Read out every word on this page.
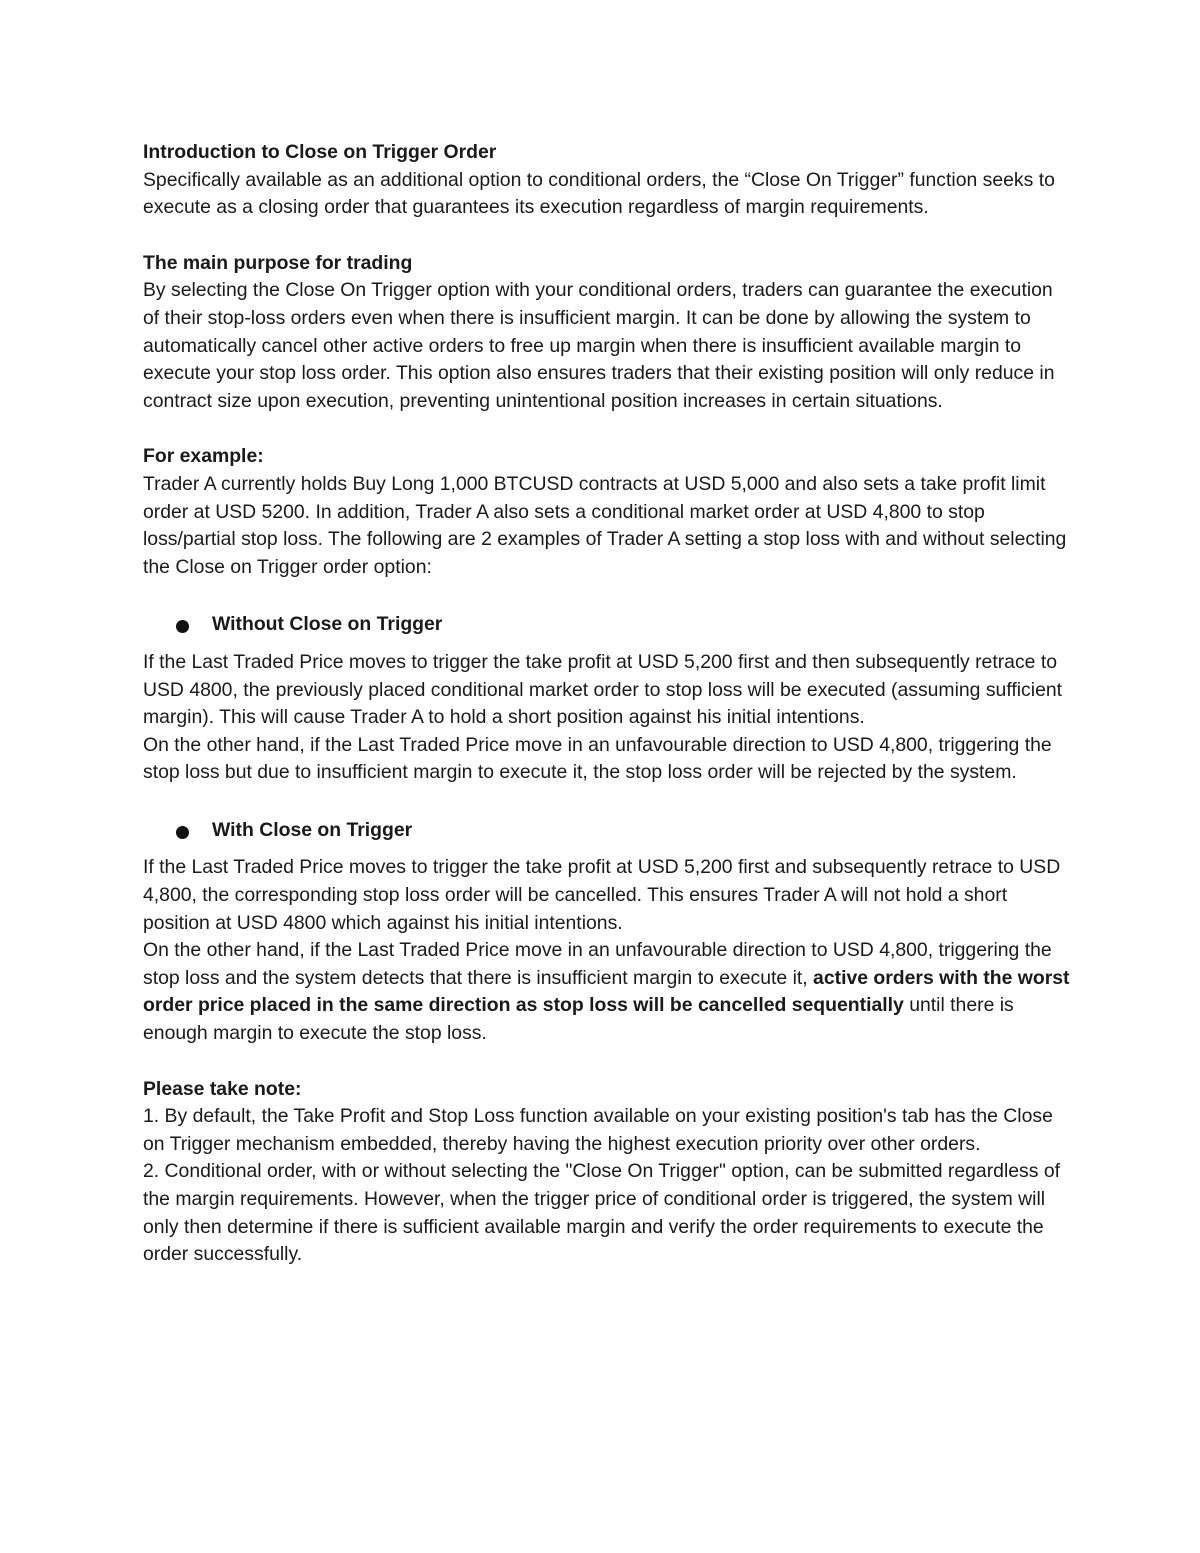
Introduction to Close on Trigger Order

Specifically available as an additional option to conditional orders, the “Close On Trigger” function seeks to execute as a closing order that guarantees its execution regardless of margin requirements.

The main purpose for trading

By selecting the Close On Trigger option with your conditional orders, traders can guarantee the execution of their stop-loss orders even when there is insufficient margin. It can be done by allowing the system to automatically cancel other active orders to free up margin when there is insufficient available margin to execute your stop loss order. This option also ensures traders that their existing position will only reduce in contract size upon execution, preventing unintentional position increases in certain situations.

For example:

Trader A currently holds Buy Long 1,000 BTCUSD contracts at USD 5,000 and also sets a take profit limit order at USD 5200. In addition, Trader A also sets a conditional market order at USD 4,800 to stop loss/partial stop loss. The following are 2 examples of Trader A setting a stop loss with and without selecting the Close on Trigger order option:

Without Close on Trigger

If the Last Traded Price moves to trigger the take profit at USD 5,200 first and then subsequently retrace to USD 4800, the previously placed conditional market order to stop loss will be executed (assuming sufficient margin). This will cause Trader A to hold a short position against his initial intentions.

On the other hand, if the Last Traded Price move in an unfavourable direction to USD 4,800, triggering the stop loss but due to insufficient margin to execute it, the stop loss order will be rejected by the system.

With Close on Trigger

If the Last Traded Price moves to trigger the take profit at USD 5,200 first and subsequently retrace to USD 4,800, the corresponding stop loss order will be cancelled. This ensures Trader A will not hold a short position at USD 4800 which against his initial intentions.

On the other hand, if the Last Traded Price move in an unfavourable direction to USD 4,800, triggering the stop loss and the system detects that there is insufficient margin to execute it, active orders with the worst order price placed in the same direction as stop loss will be cancelled sequentially until there is enough margin to execute the stop loss.

Please take note:

1. By default, the Take Profit and Stop Loss function available on your existing position's tab has the Close on Trigger mechanism embedded, thereby having the highest execution priority over other orders.

2. Conditional order, with or without selecting the "Close On Trigger" option, can be submitted regardless of the margin requirements. However, when the trigger price of conditional order is triggered, the system will only then determine if there is sufficient available margin and verify the order requirements to execute the order successfully.
